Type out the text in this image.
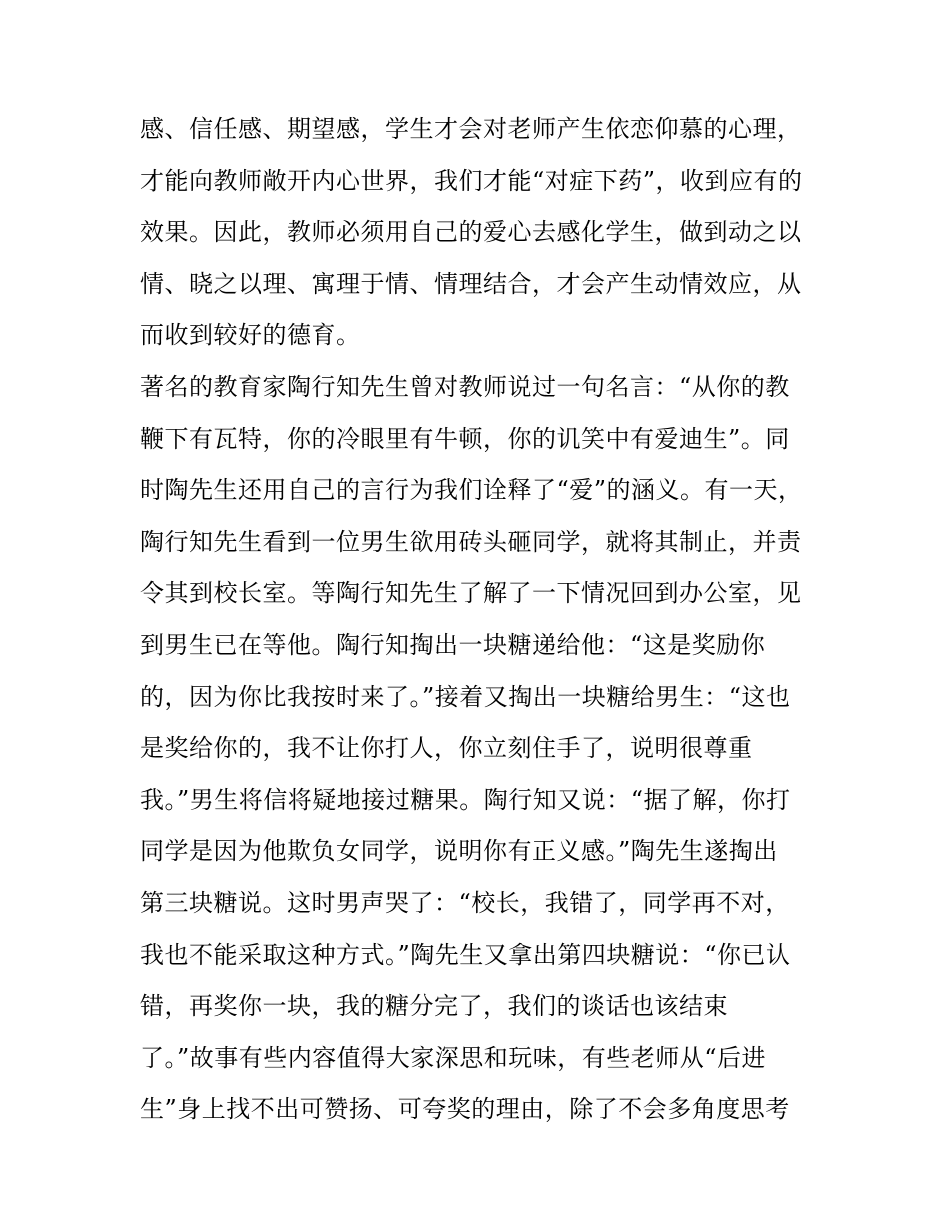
感、信任感、期望感，学生才会对老师产生依恋仰慕的心理，
才能向教师敞开内心世界，我们才能“对症下药”，收到应有的
效果。因此，教师必须用自己的爱心去感化学生，做到动之以
情、晓之以理、寓理于情、情理结合，才会产生动情效应，从
而收到较好的德育。
著名的教育家陶行知先生曾对教师说过一句名言：“从你的教
鞭下有瓦特，你的冷眼里有牛顿，你的讥笑中有爱迪生”。同
时陶先生还用自己的言行为我们诠释了“爱”的涵义。有一天，
陶行知先生看到一位男生欲用砖头砸同学，就将其制止，并责
令其到校长室。等陶行知先生了解了一下情况回到办公室，见
到男生已在等他。陶行知掏出一块糖递给他：“这是奖励你
的，因为你比我按时来了。”接着又掏出一块糖给男生：“这也
是奖给你的，我不让你打人，你立刻住手了，说明很尊重
我。”男生将信将疑地接过糖果。陶行知又说：“据了解，你打
同学是因为他欺负女同学，说明你有正义感。”陶先生遂掏出
第三块糖说。这时男声哭了：“校长，我错了，同学再不对，
我也不能采取这种方式。”陶先生又拿出第四块糖说：“你已认
错，再奖你一块，我的糖分完了，我们的谈话也该结束
了。”故事有些内容值得大家深思和玩味，有些老师从“后进
生”身上找不出可赞扬、可夸奖的理由，除了不会多角度思考
